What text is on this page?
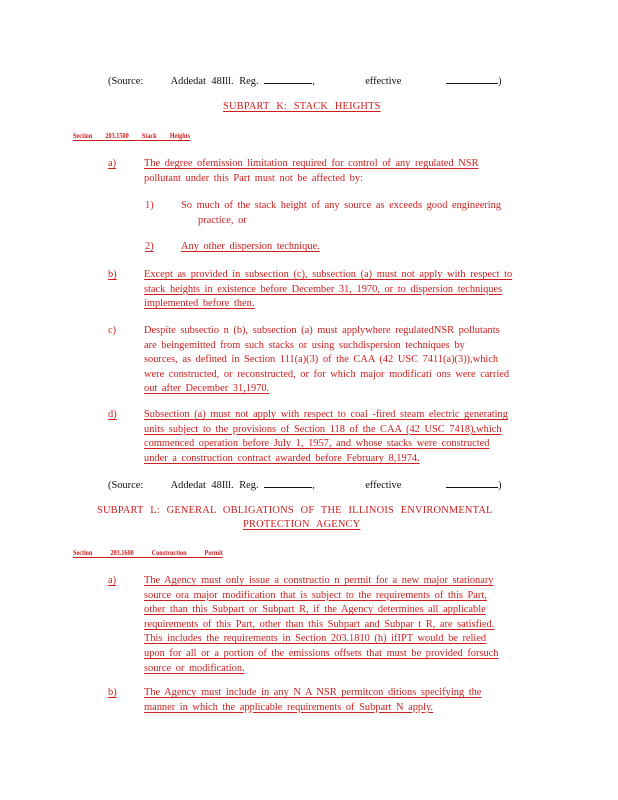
(Source:	Addedat 48Ill. Reg.	,	effective	)
SUBPART K: STACK HEIGHTS
Section 203.1500 Stack Heights
a)	The degree ofemission limitation required for control of any regulated NSR
pollutant under this Part must not be affected by:
1)	So much of the stack height of any source as exceeds good engineering
practice, or
2)	Any other dispersion technique.
b)	Except as provided in subsection (c), subsection (a) must not apply with respect to
stack heights in existence before December 31, 1970, or to dispersion techniques
implemented before then.
c)	Despite subsectio n (b), subsection (a) must applywhere regulatedNSR pollutants
are beingemitted from such stacks or using suchdispersion techniques by
sources, as defined in Section 111(a)(3) of the CAA (42 USC 7411(a)(3)),which
were constructed, or reconstructed, or for which major modificati ons were carried
out after December 31,1970.
d)	Subsection (a) must not apply with respect to coal -fired steam electric generating
units subject to the provisions of Section 118 of the CAA (42 USC 7418),which
commenced operation before July 1, 1957, and whose stacks were constructed
under a construction contract awarded before February 8,1974.
(Source:	Addedat 48Ill. Reg.	,	effective	)
SUBPART L: GENERAL OBLIGATIONS OF THE ILLINOIS ENVIRONMENTAL
PROTECTION AGENCY
Section 203.1600 Construction Permit
a)	The Agency must only issue a constructio n permit for a new major stationary
source ora major modification that is subject to the requirements of this Part,
other than this Subpart or Subpart R, if the Agency determines all applicable
requirements of this Part, other than this Subpart and Subpar t R, are satisfied.
This includes the requirements in Section 203.1810 (h) ifIPT would be relied
upon for all or a portion of the emissions offsets that must be provided forsuch
source or modification.
b)	The Agency must include in any N A NSR permitcon ditions specifying the
manner in which the applicable requirements of Subpart N apply.
